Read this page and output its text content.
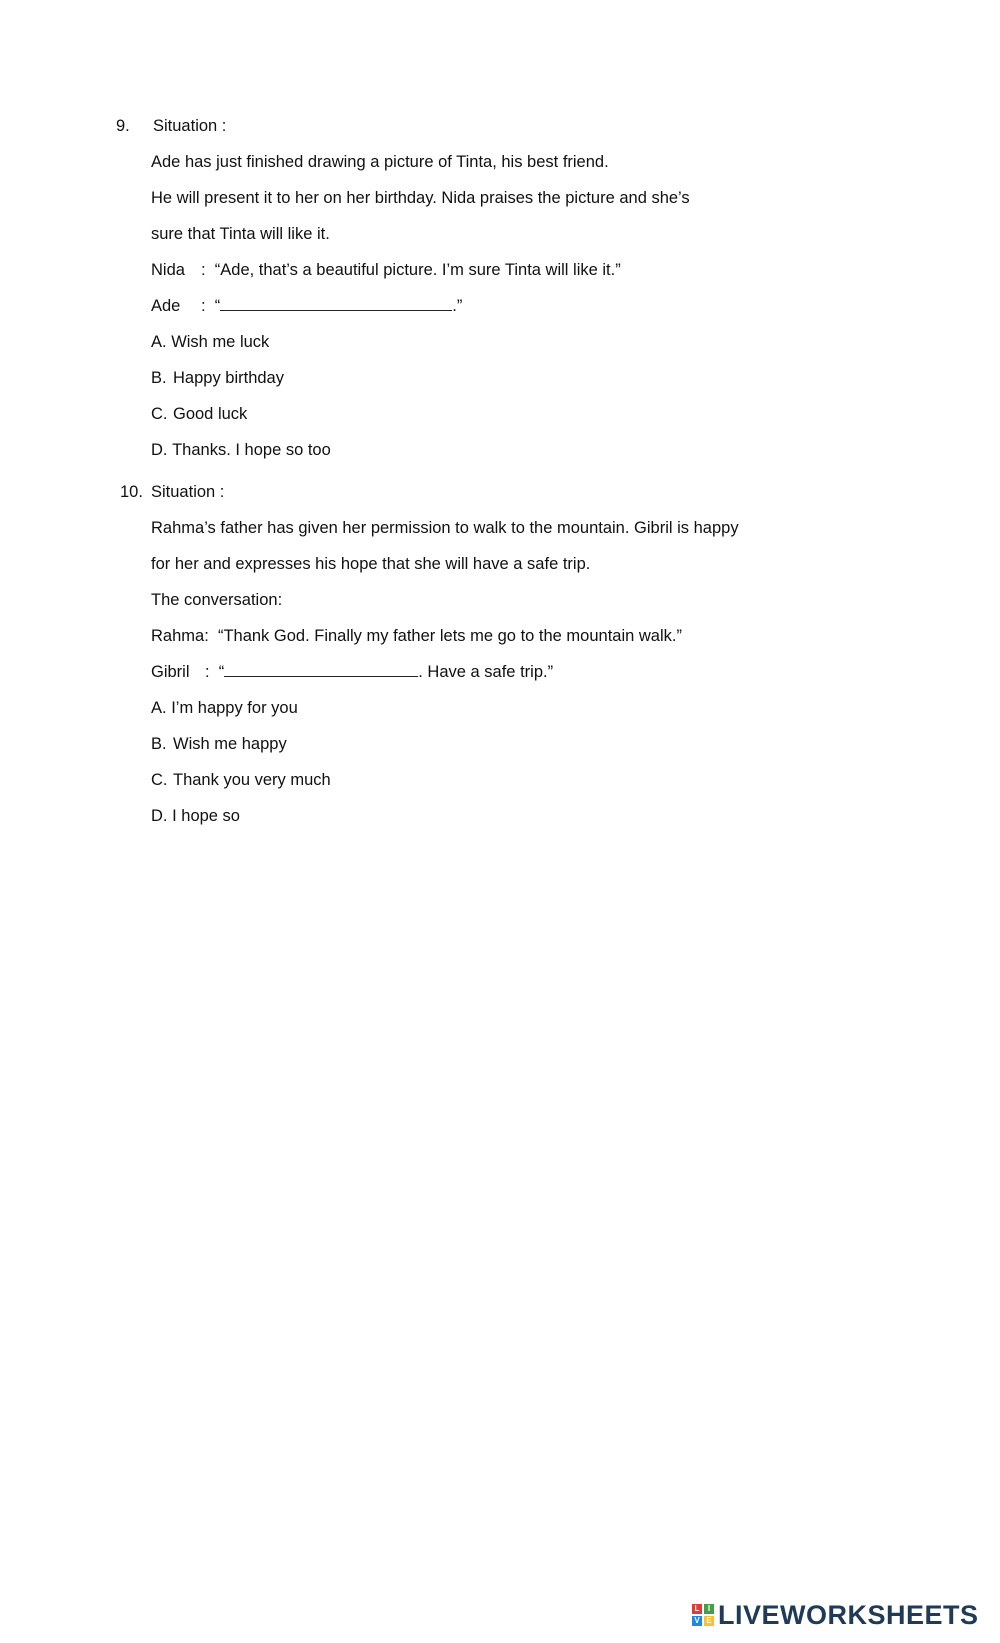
9. Situation :
Ade has just finished drawing a picture of Tinta, his best friend.
He will present it to her on her birthday. Nida praises the picture and she’s
sure that Tinta will like it.
Nida : “Ade, that’s a beautiful picture. I’m sure Tinta will like it.”
Ade : “	.”
A. Wish me luck
B. Happy birthday
C. Good luck
D. Thanks. I hope so too
10. Situation :
Rahma’s father has given her permission to walk to the mountain. Gibril is happy
for her and expresses his hope that she will have a safe trip.
The conversation:
Rahma: “Thank God. Finally my father lets me go to the mountain walk.”
Gibril : “	. Have a safe trip.”
A. I’m happy for you
B. Wish me happy
C. Thank you very much
D. I hope so
L	I
V E LIVEWORKSHEETS
